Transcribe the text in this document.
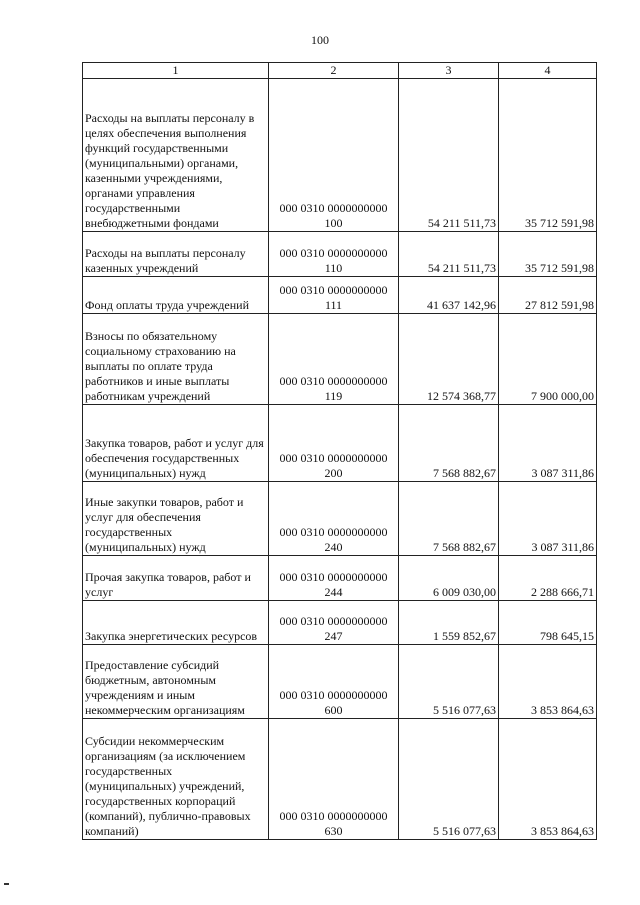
100
1	2	3	4
Расходы на выплаты персоналу в целях обеспечения выполнения функций государственными (муниципальными) органами, казенными учреждениями, органами управления государственными внебюджетными фондами	000 0310 0000000000
100	54 211 511,73	35 712 591,98
Расходы на выплаты персоналу казенных учреждений	000 0310 0000000000
110	54 211 511,73	35 712 591,98
Фонд оплаты труда учреждений	000 0310 0000000000
111	41 637 142,96	27 812 591,98
Взносы по обязательному социальному страхованию на выплаты по оплате труда работников и иные выплаты работникам учреждений	000 0310 0000000000
119	12 574 368,77	7 900 000,00
Закупка товаров, работ и услуг для обеспечения государственных (муниципальных) нужд	000 0310 0000000000
200	7 568 882,67	3 087 311,86
Иные закупки товаров, работ и услуг для обеспечения государственных (муниципальных) нужд	000 0310 0000000000
240	7 568 882,67	3 087 311,86
Прочая закупка товаров, работ и услуг	000 0310 0000000000
244	6 009 030,00	2 288 666,71
Закупка энергетических ресурсов	000 0310 0000000000
247	1 559 852,67	798 645,15
Предоставление субсидий бюджетным, автономным учреждениям и иным некоммерческим организациям	000 0310 0000000000
600	5 516 077,63	3 853 864,63
Субсидии некоммерческим организациям (за исключением государственных (муниципальных) учреждений, государственных корпораций (компаний), публично-правовых компаний)	000 0310 0000000000
630	5 516 077,63	3 853 864,63
